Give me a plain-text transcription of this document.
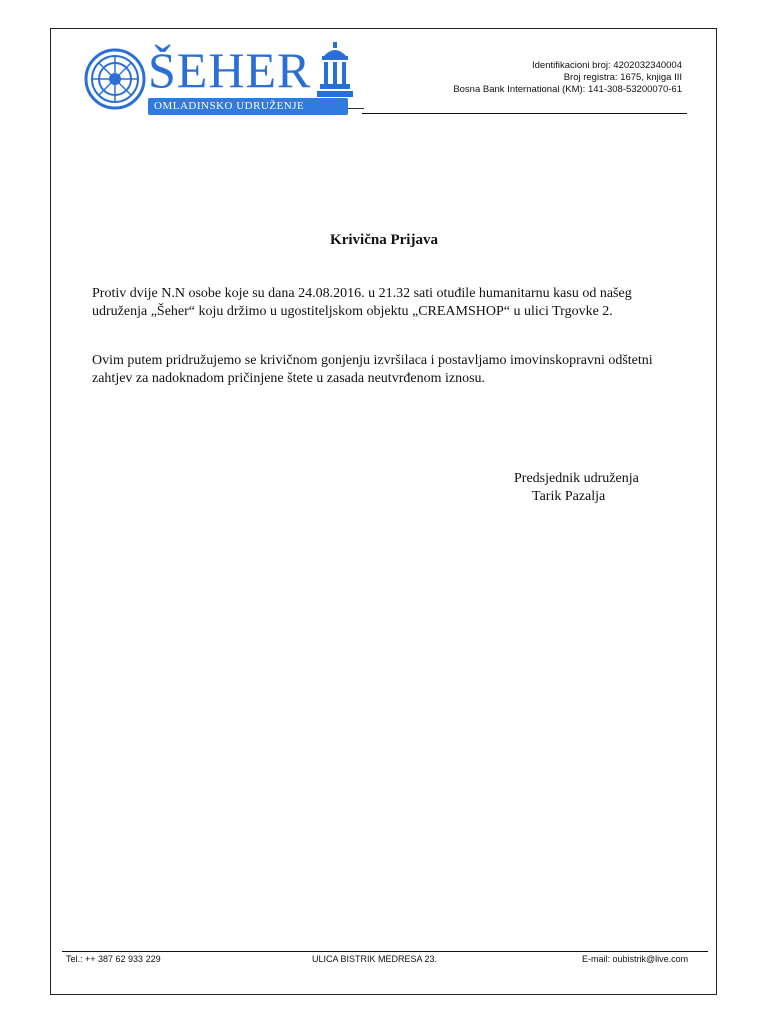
ŠEHER
OMLADINSKO UDRUŽENJE
Identifikacioni broj: 4202032340004
Broj registra: 1675, knjiga III
Bosna Bank International (KM): 141-308-53200070-61
Krivična Prijava
Protiv dvije N.N osobe koje su dana 24.08.2016. u 21.32 sati otuđile humanitarnu kasu od našeg udruženja „Šeher“ koju držimo u ugostiteljskom objektu „CREAMSHOP“ u ulici Trgovke 2.
Ovim putem pridružujemo se krivičnom gonjenju izvršilaca i postavljamo imovinskopravni odštetni zahtjev za nadoknadom pričinjene štete u zasada neutvrđenom iznosu.
Predsjednik udruženja
Tarik Pazalja
Tel.: ++ 387 62 933 229	ULICA BISTRIK MEDRESA 23.	E-mail: oubistrik@live.com
